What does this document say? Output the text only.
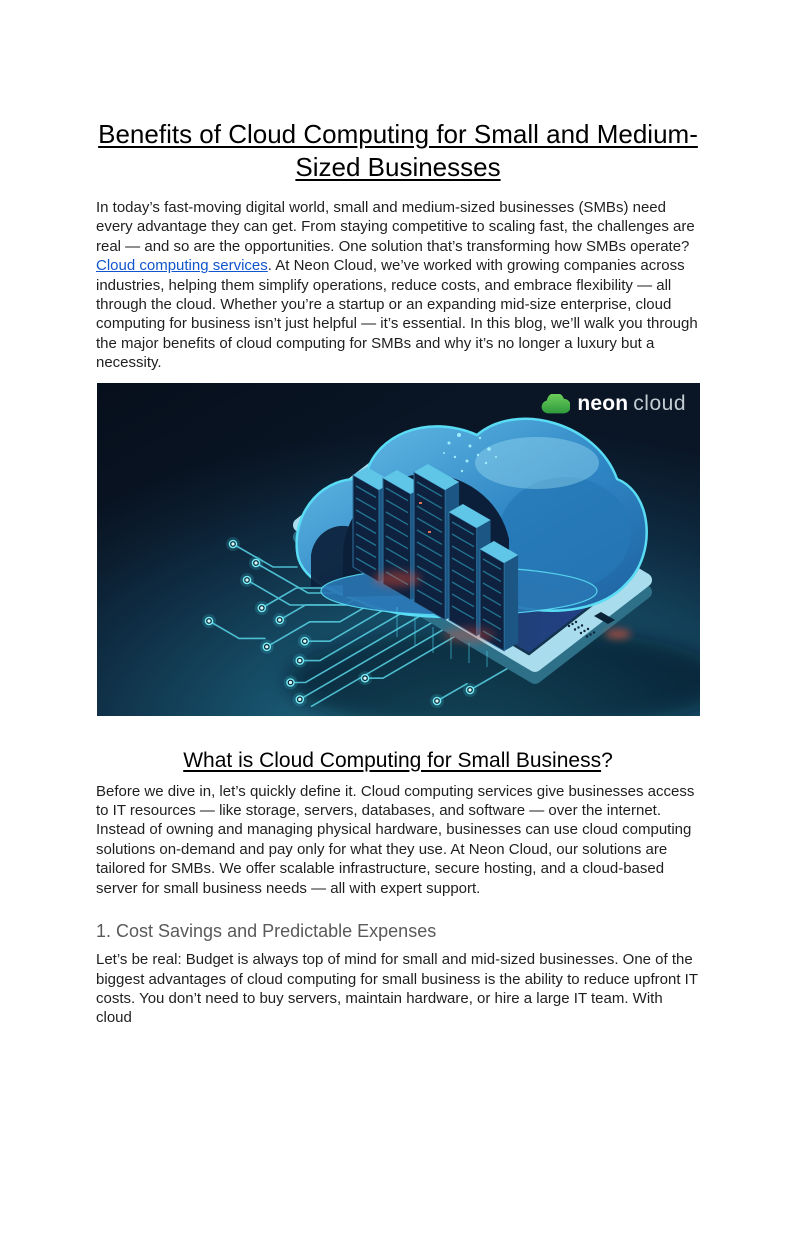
Benefits of Cloud Computing for Small and Medium-Sized Businesses

In today’s fast-moving digital world, small and medium-sized businesses (SMBs) need every advantage they can get. From staying competitive to scaling fast, the challenges are real — and so are the opportunities. One solution that’s transforming how SMBs operate? Cloud computing services. At Neon Cloud, we’ve worked with growing companies across industries, helping them simplify operations, reduce costs, and embrace flexibility — all through the cloud. Whether you’re a startup or an expanding mid-size enterprise, cloud computing for business isn’t just helpful — it’s essential. In this blog, we’ll walk you through the major benefits of cloud computing for SMBs and why it’s no longer a luxury but a necessity.

neon cloud
What is Cloud Computing for Small Business?

Before we dive in, let’s quickly define it. Cloud computing services give businesses access to IT resources — like storage, servers, databases, and software — over the internet. Instead of owning and managing physical hardware, businesses can use cloud computing solutions on-demand and pay only for what they use. At Neon Cloud, our solutions are tailored for SMBs. We offer scalable infrastructure, secure hosting, and a cloud-based server for small business needs — all with expert support.

1. Cost Savings and Predictable Expenses

Let’s be real: Budget is always top of mind for small and mid-sized businesses. One of the biggest advantages of cloud computing for small business is the ability to reduce upfront IT costs. You don’t need to buy servers, maintain hardware, or hire a large IT team. With cloud
